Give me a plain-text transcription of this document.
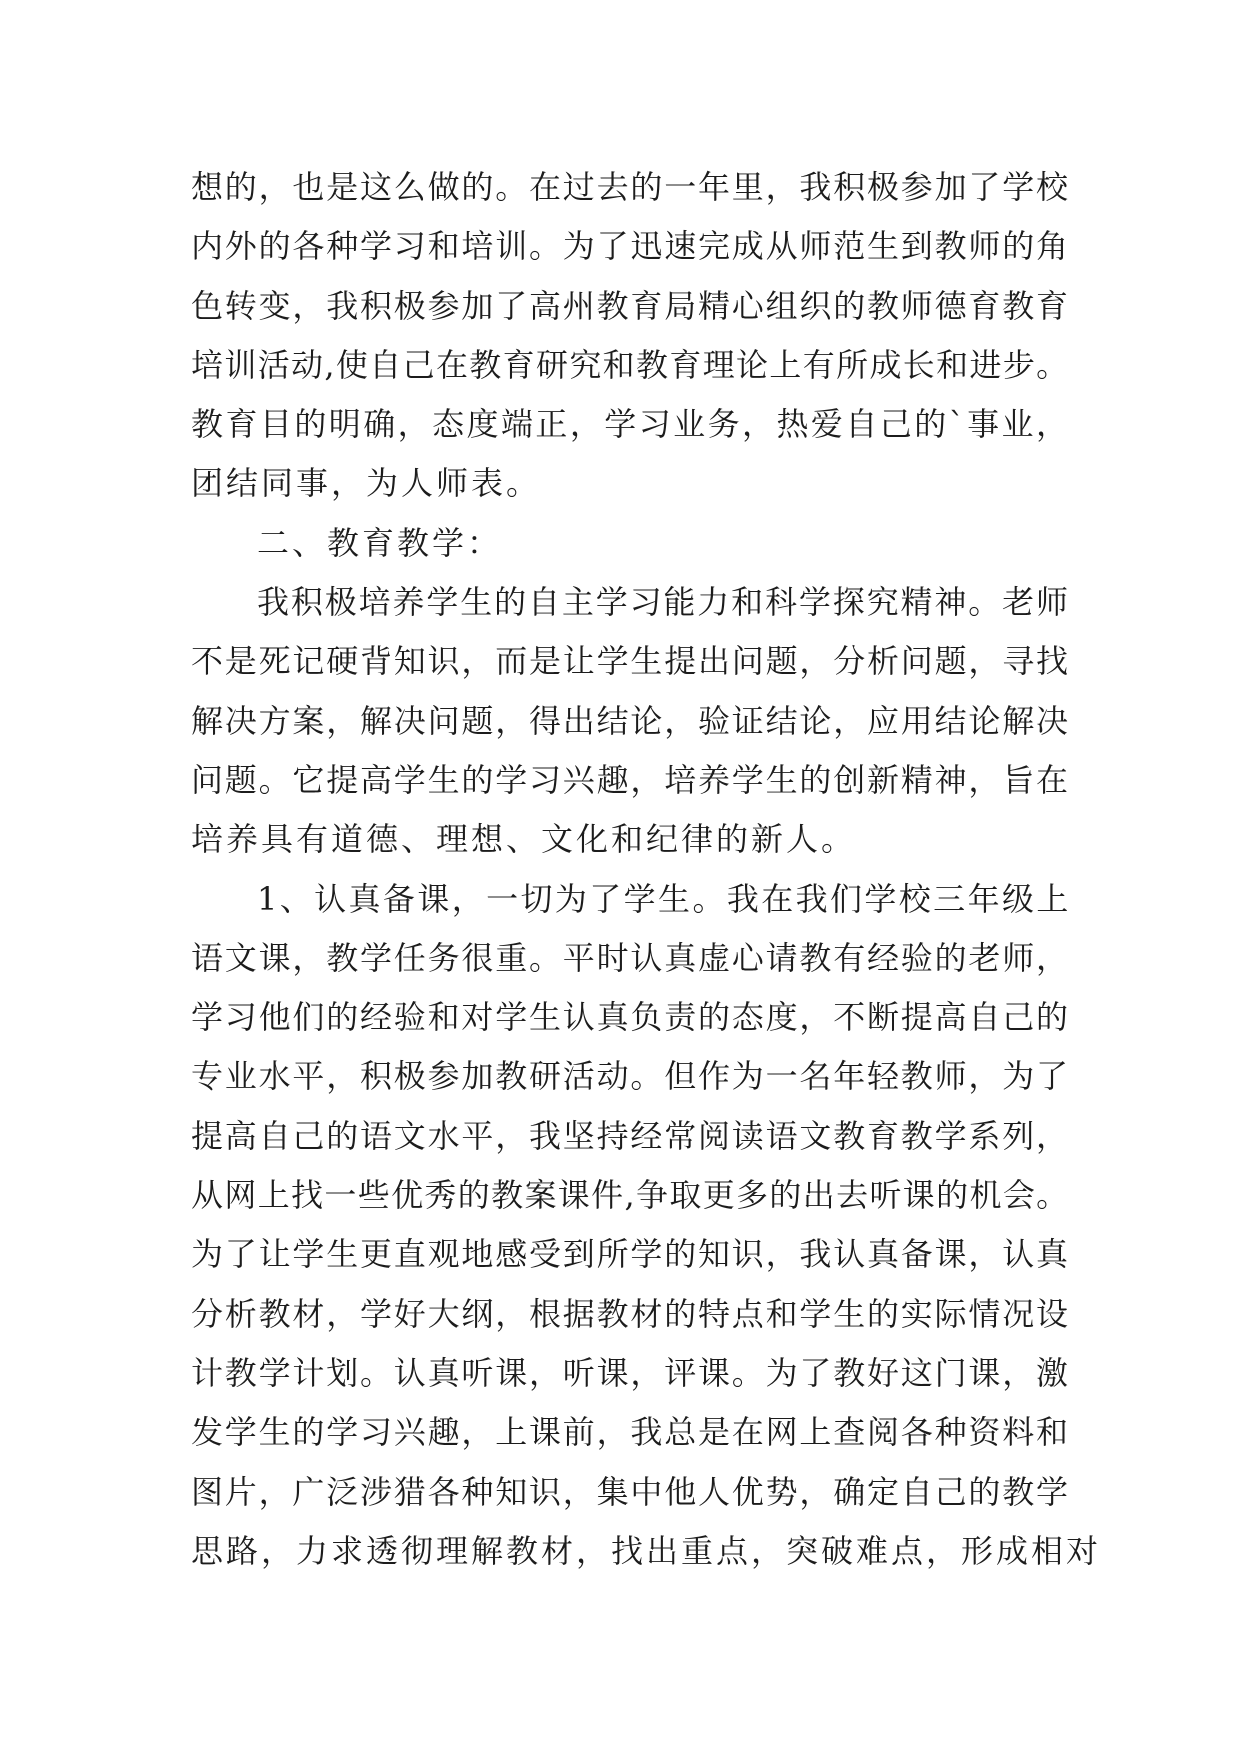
想的，也是这么做的。在过去的一年里，我积极参加了学校
内外的各种学习和培训。为了迅速完成从师范生到教师的角
色转变，我积极参加了高州教育局精心组织的教师德育教育
培训活动,使自己在教育研究和教育理论上有所成长和进步。
教育目的明确，态度端正，学习业务，热爱自己的`事业，
团结同事，为人师表。
二、教育教学：
我积极培养学生的自主学习能力和科学探究精神。老师
不是死记硬背知识，而是让学生提出问题，分析问题，寻找
解决方案，解决问题，得出结论，验证结论，应用结论解决
问题。它提高学生的学习兴趣，培养学生的创新精神，旨在
培养具有道德、理想、文化和纪律的新人。
1、认真备课，一切为了学生。我在我们学校三年级上
语文课，教学任务很重。平时认真虚心请教有经验的老师，
学习他们的经验和对学生认真负责的态度，不断提高自己的
专业水平，积极参加教研活动。但作为一名年轻教师，为了
提高自己的语文水平，我坚持经常阅读语文教育教学系列，
从网上找一些优秀的教案课件,争取更多的出去听课的机会。
为了让学生更直观地感受到所学的知识，我认真备课，认真
分析教材，学好大纲，根据教材的特点和学生的实际情况设
计教学计划。认真听课，听课，评课。为了教好这门课，激
发学生的学习兴趣，上课前，我总是在网上查阅各种资料和
图片，广泛涉猎各种知识，集中他人优势，确定自己的教学
思路，力求透彻理解教材，找出重点，突破难点，形成相对
